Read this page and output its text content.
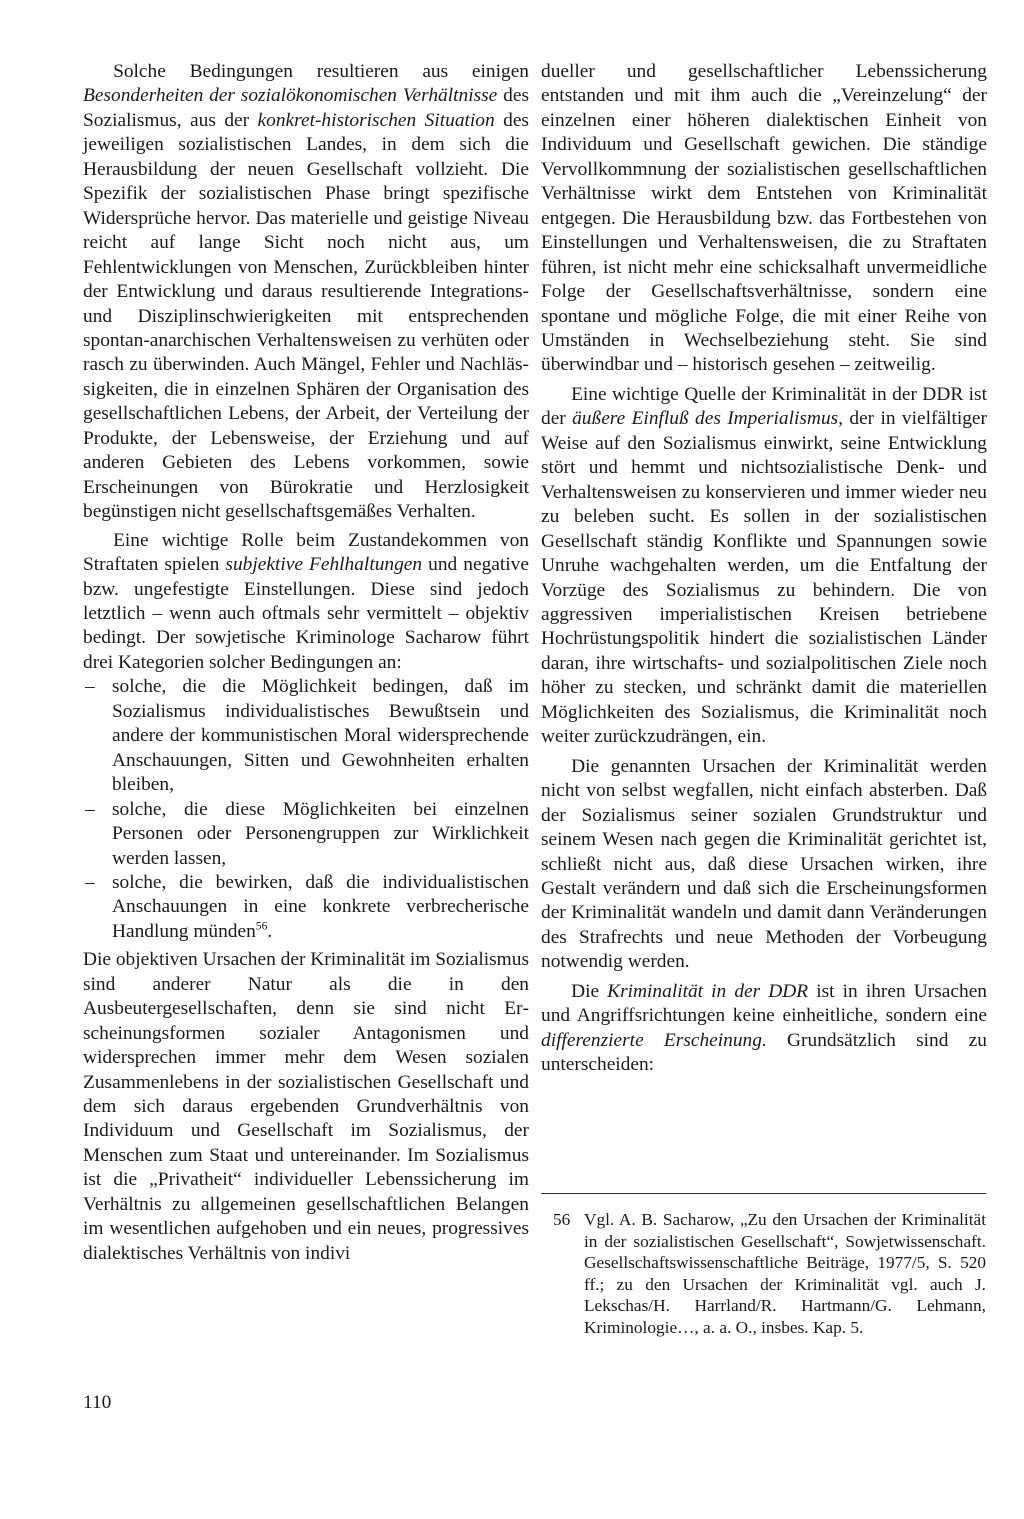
Solche Bedingungen resultieren aus einigen Besonderheiten der sozialökonomischen Verhältnisse des Sozialismus, aus der konkret-historischen Situation des jeweiligen sozialistischen Landes, in dem sich die Herausbildung der neuen Gesellschaft vollzieht. Die Spezifik der sozialistischen Phase bringt spezifische Widersprüche hervor. Das materielle und geistige Niveau reicht auf lange Sicht noch nicht aus, um Fehlentwicklungen von Menschen, Zurückbleiben hinter der Entwicklung und daraus resultierende Integrations- und Disziplinschwierigkeiten mit entsprechenden spontan-anarchischen Verhaltensweisen zu verhüten oder rasch zu überwinden. Auch Mängel, Fehler und Nachlässigkeiten, die in einzelnen Sphären der Organisation des gesellschaftlichen Lebens, der Arbeit, der Verteilung der Produkte, der Lebensweise, der Erziehung und auf anderen Gebieten des Lebens vorkommen, sowie Erscheinungen von Bürokratie und Herzlosigkeit begünstigen nicht gesellschaftsgemäßes Verhalten.

Eine wichtige Rolle beim Zustandekommen von Straftaten spielen subjektive Fehlhaltungen und negative bzw. ungefestigte Einstellungen. Diese sind jedoch letztlich – wenn auch oftmals sehr vermittelt – objektiv bedingt. Der sowjetische Kriminologe Sacharow führt drei Kategorien solcher Bedingungen an:

– solche, die die Möglichkeit bedingen, daß im Sozialismus individualistisches Bewußtsein und andere der kommunistischen Moral widersprechende Anschauungen, Sitten und Gewohnheiten erhalten bleiben,
– solche, die diese Möglichkeiten bei einzelnen Personen oder Personengruppen zur Wirklichkeit werden lassen,
– solche, die bewirken, daß die individualistischen Anschauungen in eine konkrete verbrecherische Handlung münden$^{56}$.

Die objektiven Ursachen der Kriminalität im Sozialismus sind anderer Natur als die in den Ausbeutergesellschaften, denn sie sind nicht Erscheinungsformen sozialer Antagonismen und widersprechen immer mehr dem Wesen sozialen Zusammenlebens in der sozialistischen Gesellschaft und dem sich daraus ergebenden Grundverhältnis von Individuum und Gesellschaft im Sozialismus, der Menschen zum Staat und untereinander. Im Sozialismus ist die „Privatheit“ individueller Lebenssicherung im Verhältnis zu allgemeinen gesellschaftlichen Belangen im wesentlichen aufgehoben und ein neues, progressives dialektisches Verhältnis von indivi

dueller und gesellschaftlicher Lebenssicherung entstanden und mit ihm auch die „Vereinzelung“ der einzelnen einer höheren dialektischen Einheit von Individuum und Gesellschaft gewichen. Die ständige Vervollkommnung der sozialistischen gesellschaftlichen Verhältnisse wirkt dem Entstehen von Kriminalität entgegen. Die Herausbildung bzw. das Fortbestehen von Einstellungen und Verhaltensweisen, die zu Straftaten führen, ist nicht mehr eine schicksalhaft unvermeidliche Folge der Gesellschaftsverhältnisse, sondern eine spontane und mögliche Folge, die mit einer Reihe von Umständen in Wechselbeziehung steht. Sie sind überwindbar und – historisch gesehen – zeitweilig.

Eine wichtige Quelle der Kriminalität in der DDR ist der äußere Einfluß des Imperialismus, der in vielfältiger Weise auf den Sozialismus einwirkt, seine Entwicklung stört und hemmt und nichtsozialistische Denk- und Verhaltensweisen zu konservieren und immer wieder neu zu beleben sucht. Es sollen in der sozialistischen Gesellschaft ständig Konflikte und Spannungen sowie Unruhe wachgehalten werden, um die Entfaltung der Vorzüge des Sozialismus zu behindern. Die von aggressiven imperialistischen Kreisen betriebene Hochrüstungspolitik hindert die sozialistischen Länder daran, ihre wirtschafts- und sozialpolitischen Ziele noch höher zu stecken, und schränkt damit die materiellen Möglichkeiten des Sozialismus, die Kriminalität noch weiter zurückzudrängen, ein.

Die genannten Ursachen der Kriminalität werden nicht von selbst wegfallen, nicht einfach absterben. Daß der Sozialismus seiner sozialen Grundstruktur und seinem Wesen nach gegen die Kriminalität gerichtet ist, schließt nicht aus, daß diese Ursachen wirken, ihre Gestalt verändern und daß sich die Erscheinungsformen der Kriminalität wandeln und damit dann Veränderungen des Strafrechts und neue Methoden der Vorbeugung notwendig werden.

Die Kriminalität in der DDR ist in ihren Ursachen und Angriffsrichtungen keine einheitliche, sondern eine differenzierte Erscheinung. Grundsätzlich sind zu unterscheiden:

56 Vgl. A. B. Sacharow, „Zu den Ursachen der Kriminalität in der sozialistischen Gesellschaft“, Sowjetwissenschaft. Gesellschaftswissenschaftliche Beiträge, 1977/5, S. 520 ff.; zu den Ursachen der Kriminalität vgl. auch J. Lekschas/H. Harrland/R. Hartmann/G. Lehmann, Kriminologie…, a. a. O., insbes. Kap. 5.
110
